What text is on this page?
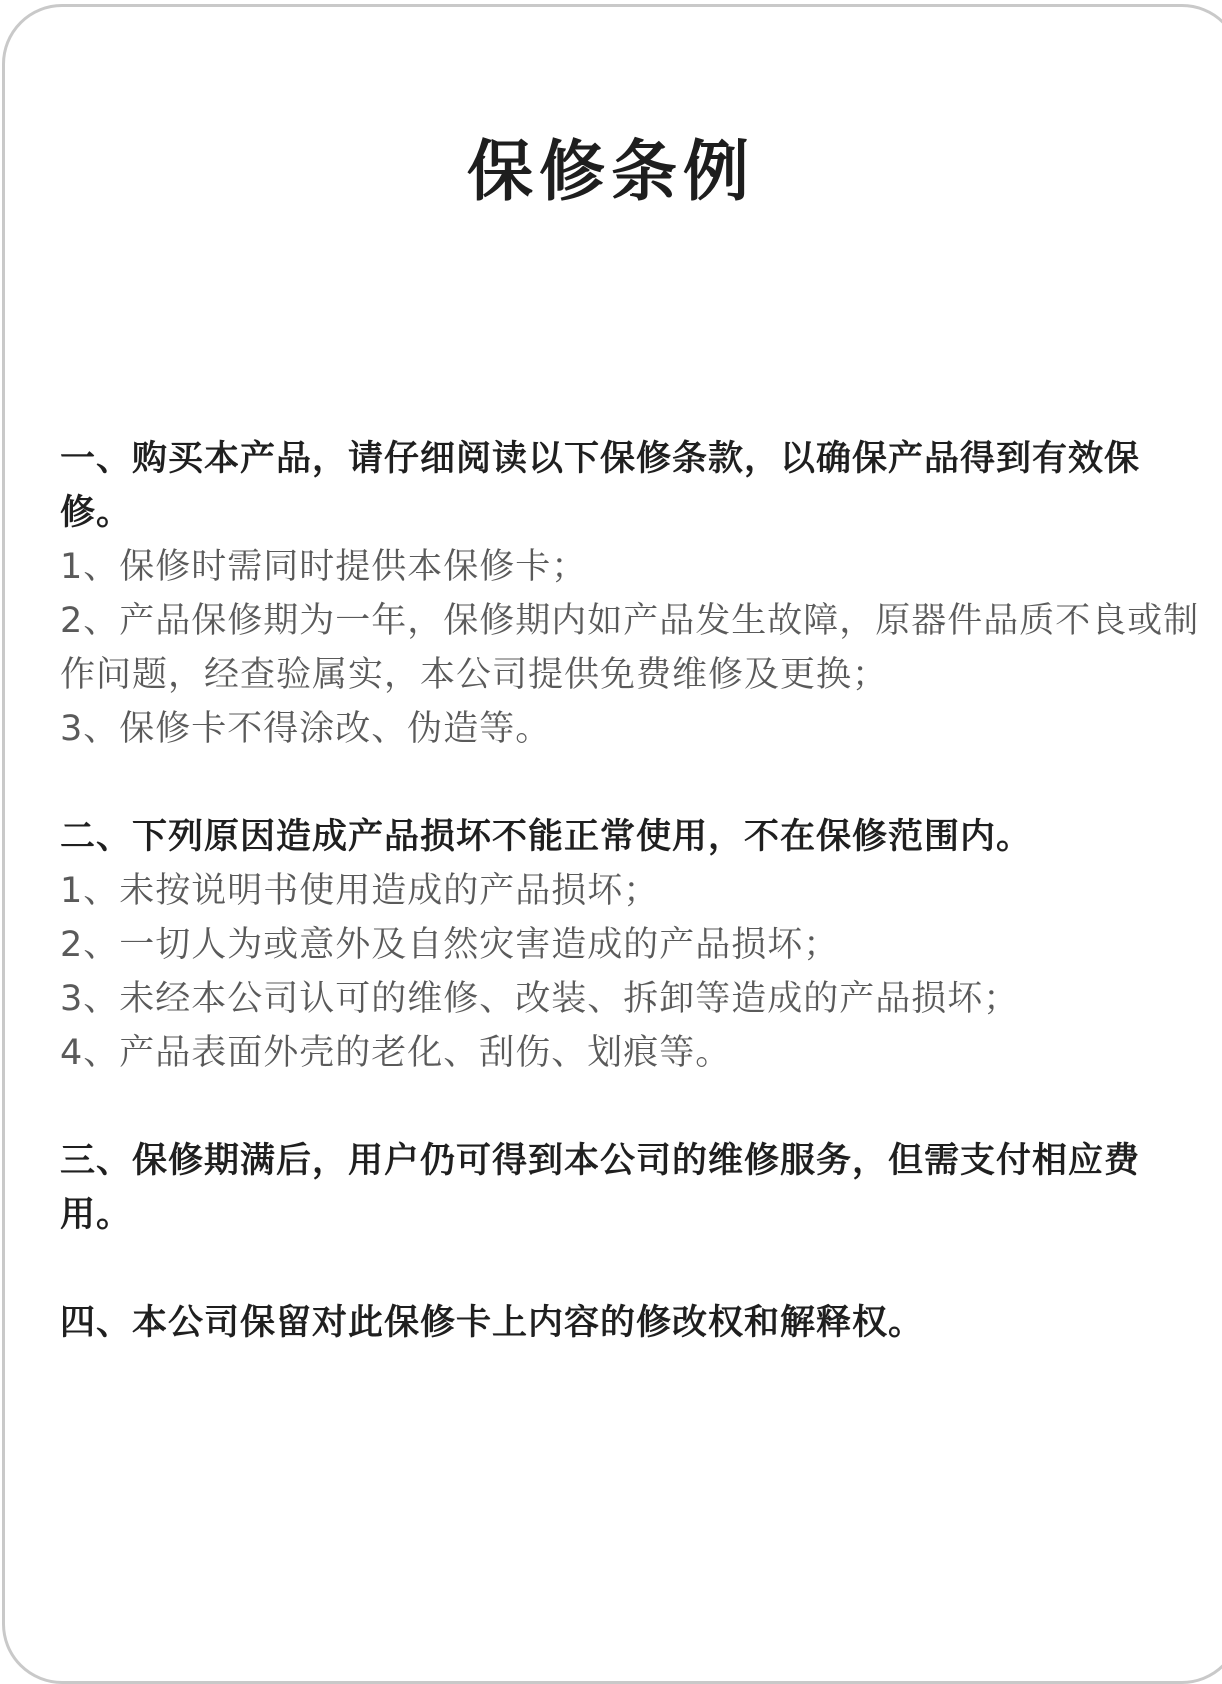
保修条例

一、购买本产品，请仔细阅读以下保修条款，以确保产品得到有效保修。

1、保修时需同时提供本保修卡；

2、产品保修期为一年，保修期内如产品发生故障，原器件品质不良或制作问题，经查验属实，本公司提供免费维修及更换；

3、保修卡不得涂改、伪造等。

二、下列原因造成产品损坏不能正常使用，不在保修范围内。

1、未按说明书使用造成的产品损坏；

2、一切人为或意外及自然灾害造成的产品损坏；

3、未经本公司认可的维修、改装、拆卸等造成的产品损坏；

4、产品表面外壳的老化、刮伤、划痕等。

三、保修期满后，用户仍可得到本公司的维修服务，但需支付相应费用。

四、本公司保留对此保修卡上内容的修改权和解释权。
